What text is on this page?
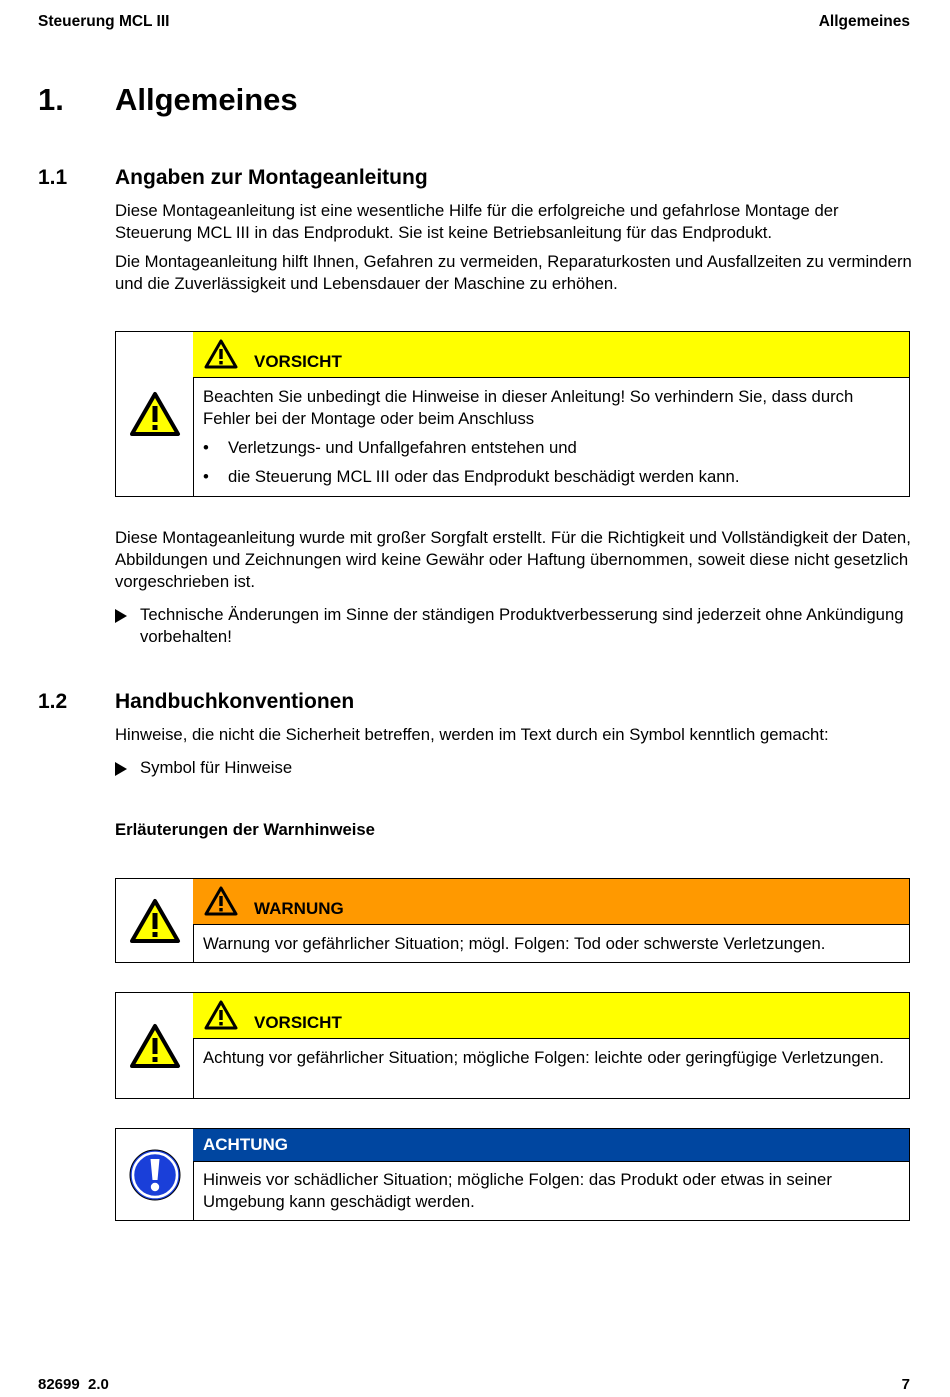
Steuerung MCL III	Allgemeines
1. Allgemeines
1.1 Angaben zur Montageanleitung

Diese Montageanleitung ist eine wesentliche Hilfe für die erfolgreiche und gefahrlose Montage der Steuerung MCL III in das Endprodukt. Sie ist keine Betriebsanleitung für das Endprodukt.

Die Montageanleitung hilft Ihnen, Gefahren zu vermeiden, Reparaturkosten und Ausfallzeiten zu vermindern und die Zuverlässigkeit und Lebensdauer der Maschine zu erhöhen.

VORSICHT

Beachten Sie unbedingt die Hinweise in dieser Anleitung! So verhindern Sie, dass durch Fehler bei der Montage oder beim Anschluss

• Verletzungs- und Unfallgefahren entstehen und
• die Steuerung MCL III oder das Endprodukt beschädigt werden kann.

Diese Montageanleitung wurde mit großer Sorgfalt erstellt. Für die Richtigkeit und Vollständigkeit der Daten, Abbildungen und Zeichnungen wird keine Gewähr oder Haftung übernommen, soweit diese nicht gesetzlich vorgeschrieben ist.

Technische Änderungen im Sinne der ständigen Produktverbesserung sind jederzeit ohne Ankündigung vorbehalten!
1.2 Handbuchkonventionen

Hinweise, die nicht die Sicherheit betreffen, werden im Text durch ein Symbol kenntlich gemacht:

Symbol für Hinweise
Erläuterungen der Warnhinweise
WARNUNG

Warnung vor gefährlicher Situation; mögl. Folgen: Tod oder schwerste Verletzungen.

VORSICHT

Achtung vor gefährlicher Situation; mögliche Folgen: leichte oder geringfügige Verletzungen.

ACHTUNG

Hinweis vor schädlicher Situation; mögliche Folgen: das Produkt oder etwas in seiner Umgebung kann geschädigt werden.

82699  2.0	7
